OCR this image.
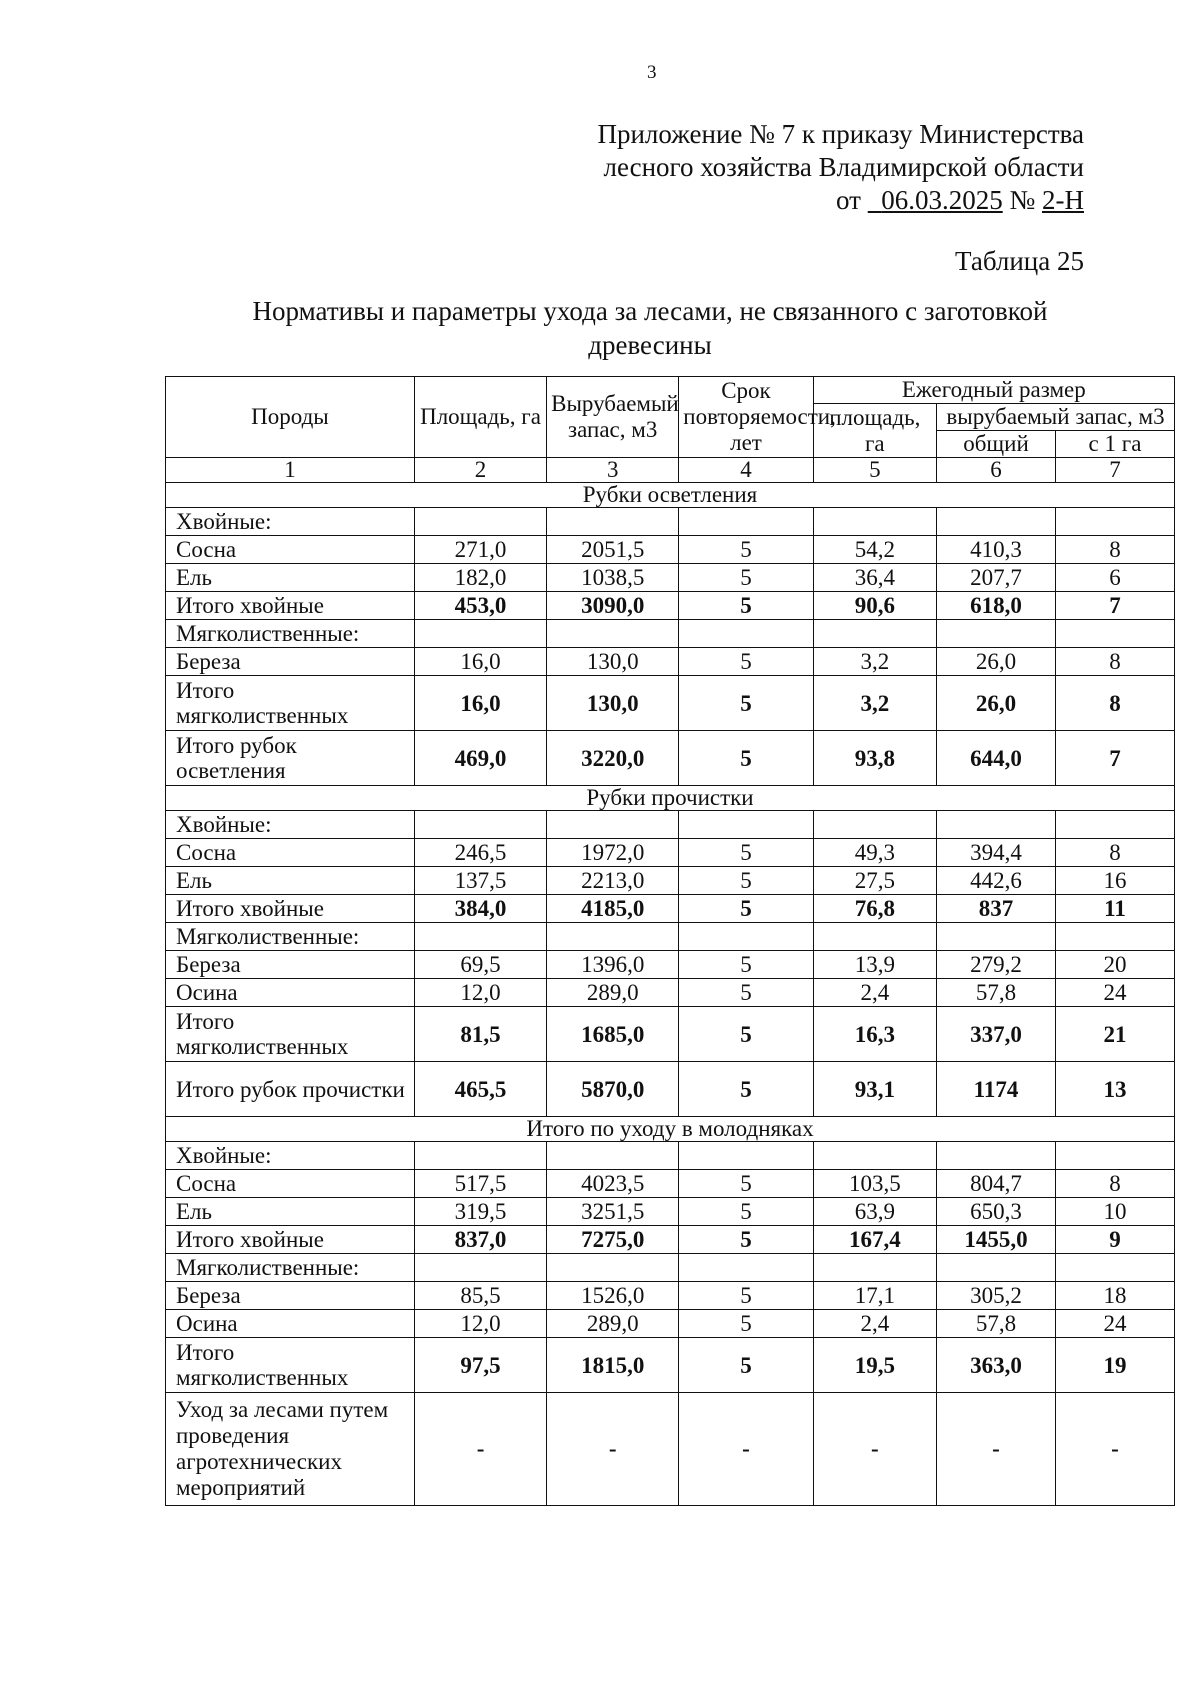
3
Приложение № 7 к приказу Министерства
лесного хозяйства Владимирской области
от 06.03.2025 № 2-Н
Таблица 25
Нормативы и параметры ухода за лесами, не связанного с заготовкой древесины
Породы	Площадь, га	Вырубаемый запас, м3	Срок повторяемости, лет	Ежегодный размер		
				площадь, га	вырубаемый запас, м3	
					общий	с 1 га
1	2	3	4	5	6	7
Рубки осветления						
Хвойные:						
Сосна	271,0	2051,5	5	54,2	410,3	8
Ель	182,0	1038,5	5	36,4	207,7	6
Итого хвойные	453,0	3090,0	5	90,6	618,0	7
Мягколиственные:						
Береза	16,0	130,0	5	3,2	26,0	8
Итого мягколиственных	16,0	130,0	5	3,2	26,0	8
Итого рубок осветления	469,0	3220,0	5	93,8	644,0	7
Рубки прочистки						
Хвойные:						
Сосна	246,5	1972,0	5	49,3	394,4	8
Ель	137,5	2213,0	5	27,5	442,6	16
Итого хвойные	384,0	4185,0	5	76,8	837	11
Мягколиственные:						
Береза	69,5	1396,0	5	13,9	279,2	20
Осина	12,0	289,0	5	2,4	57,8	24
Итого мягколиственных	81,5	1685,0	5	16,3	337,0	21
Итого рубок прочистки	465,5	5870,0	5	93,1	1174	13
Итого по уходу в молодняках						
Хвойные:						
Сосна	517,5	4023,5	5	103,5	804,7	8
Ель	319,5	3251,5	5	63,9	650,3	10
Итого хвойные	837,0	7275,0	5	167,4	1455,0	9
Мягколиственные:						
Береза	85,5	1526,0	5	17,1	305,2	18
Осина	12,0	289,0	5	2,4	57,8	24
Итого мягколиственных	97,5	1815,0	5	19,5	363,0	19
Уход за лесами путем проведения агротехнических мероприятий	-	-	-	-	-	-
